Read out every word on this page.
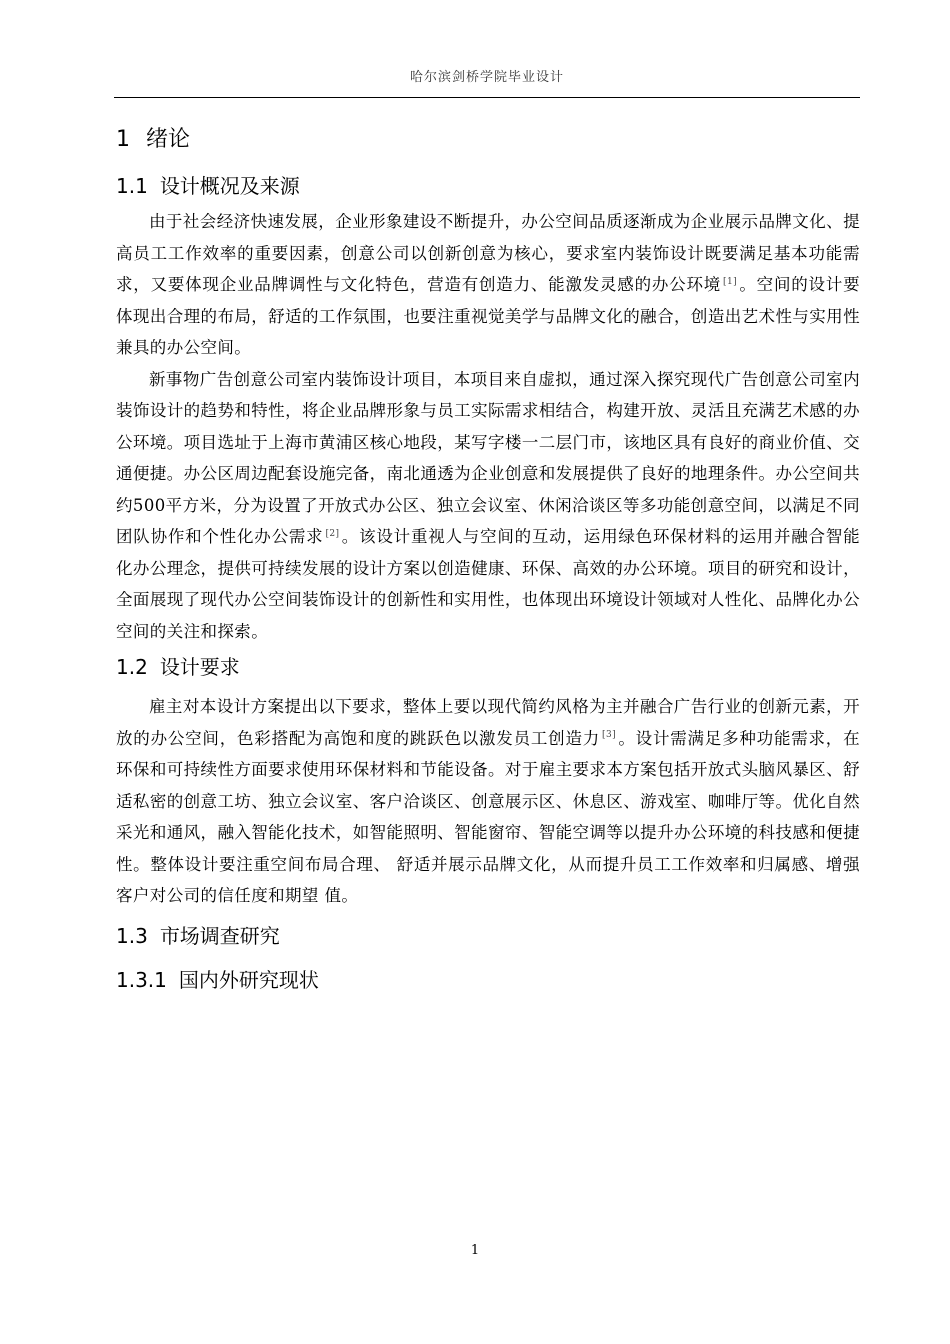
哈尔滨剑桥学院毕业设计
1 绪论
1.1 设计概况及来源

由于社会经济快速发展，企业形象建设不断提升，办公空间品质逐渐成为企业展示品牌文化、提高员工工作效率的重要因素，创意公司以创新创意为核心，要求室内装饰设计既要满足基本功能需求，又要体现企业品牌调性与文化特色，营造有创造力、能激发灵感的办公环境 [1] 。空间的设计要体现出合理的布局，舒适的工作氛围，也要注重视觉美学与品牌文化的融合，创造出艺术性与实用性兼具的办公空间。

新事物广告创意公司室内装饰设计项目，本项目来自虚拟，通过深入探究现代广告创意公司室内装饰设计的趋势和特性，将企业品牌形象与员工实际需求相结合，构建开放、灵活且充满艺术感的办公环境。项目选址于上海市黄浦区核心地段，某写字楼一二层门市，该地区具有良好的商业价值、交通便捷。办公区周边配套设施完备，南北通透为企业创意和发展提供了良好的地理条件。办公空间共约500平方米，分为设置了开放式办公区、独立会议室、休闲洽谈区等多功能创意空间，以满足不同团队协作和个性化办公需求 [2] 。该设计重视人与空间的互动，运用绿色环保材料的运用并融合智能化办公理念，提供可持续发展的设计方案以创造健康、环保、高效的办公环境。项目的研究和设计，全面展现了现代办公空间装饰设计的创新性和实用性，也体现出环境设计领域对人性化、品牌化办公空间的关注和探索。

1.2 设计要求

雇主对本设计方案提出以下要求，整体上要以现代简约风格为主并融合广告行业的创新元素，开放的办公空间，色彩搭配为高饱和度的跳跃色以激发员工创造力 [3] 。设计需满足多种功能需求，在环保和可持续性方面要求使用环保材料和节能设备。对于雇主要求本方案包括开放式头脑风暴区、舒适私密的创意工坊、独立会议室、客户洽谈区、创意展示区、休息区、游戏室、咖啡厅等。优化自然采光和通风，融入智能化技术，如智能照明、智能窗帘、智能空调等以提升办公环境的科技感和便捷性。整体设计要注重空间布局合理、 舒适并展示品牌文化，从而提升员工工作效率和归属感、增强客户对公司的信任度和期望 值。

1.3 市场调查研究
1.3.1 国内外研究现状
1
